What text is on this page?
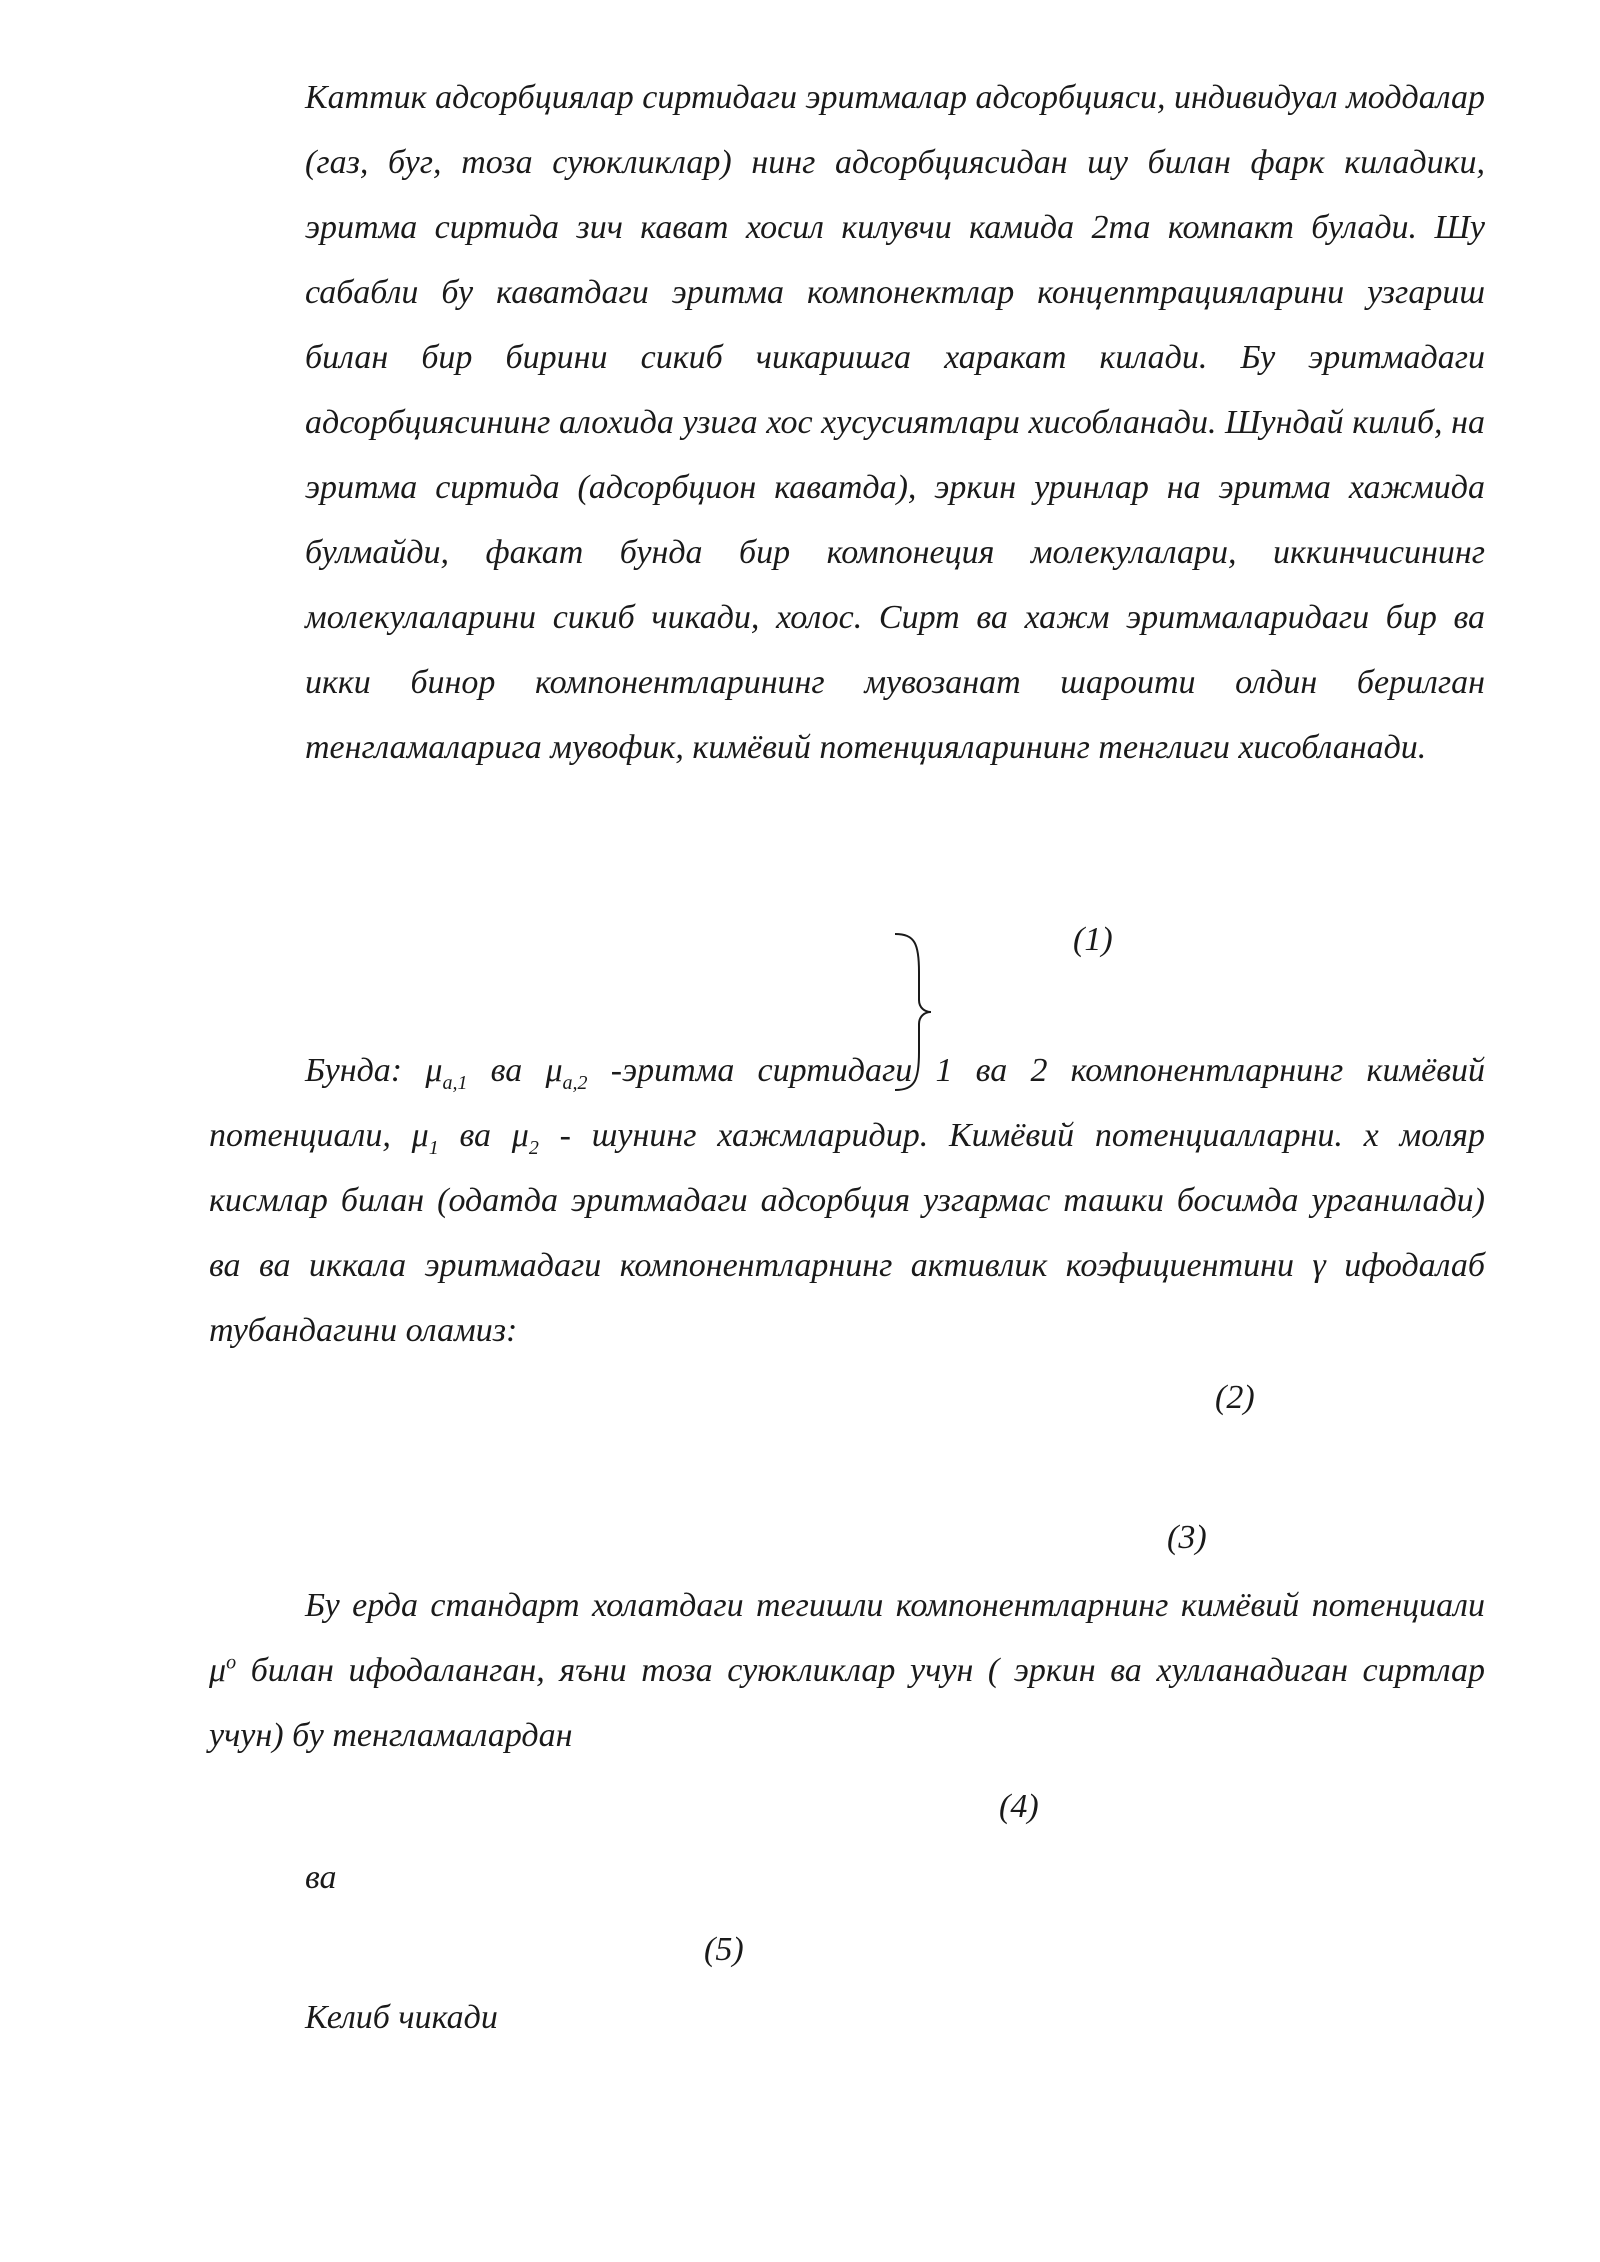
Каттик адсорбциялар сиртидаги эритмалар адсорбцияси, индивидуал моддалар (газ, буг, тоза суюкликлар) нинг адсорбциясидан шу билан фарк киладики, эритма сиртида зич кават хосил килувчи камида 2та компакт булади. Шу сабабли бу каватдаги эритма компонектлар концептрацияларини узгариш билан бир бирини сикиб чикаришга харакат килади. Бу эритмадаги адсорбциясининг алохида узига хос хусусиятлари хисобланади. Шундай килиб, на эритма сиртида (адсорбцион каватда), эркин уринлар на эритма хажмида булмайди, факат бунда бир компонеция молекулалари, иккинчисининг молекулаларини сикиб чикади, холос. Сирт ва хажм эритмаларидаги бир ва икки бинор компонентларининг мувозанат шароити олдин берилган тенгламаларига мувофик, кимёвий потенцияларининг тенглиги хисобланади.

(1)

Бунда: $\mu_{a,1}$ ва $\mu_{a,2}$ -эритма сиртидаги 1 ва 2 компонентларнинг кимёвий потенциали, $\mu_1$ ва $\mu_2$ - шунинг хажмларидир. Кимёвий потенциалларни. х моляр кисмлар билан (одатда эритмадаги адсорбция узгармас ташки босимда урганилади) ва ва иккала эритмадаги компонентларнинг активлик коэфициентини γ ифодалаб тубандагини оламиз:

(2)
(3)

Бу ерда стандарт холатдаги тегишли компонентларнинг кимёвий потенциали $\mu^o$ билан ифодаланган, яъни тоза суюкликлар учун ( эркин ва хулланадиган сиртлар учун) бу тенгламалардан

(4)

ва

(5)

Келиб чикади
